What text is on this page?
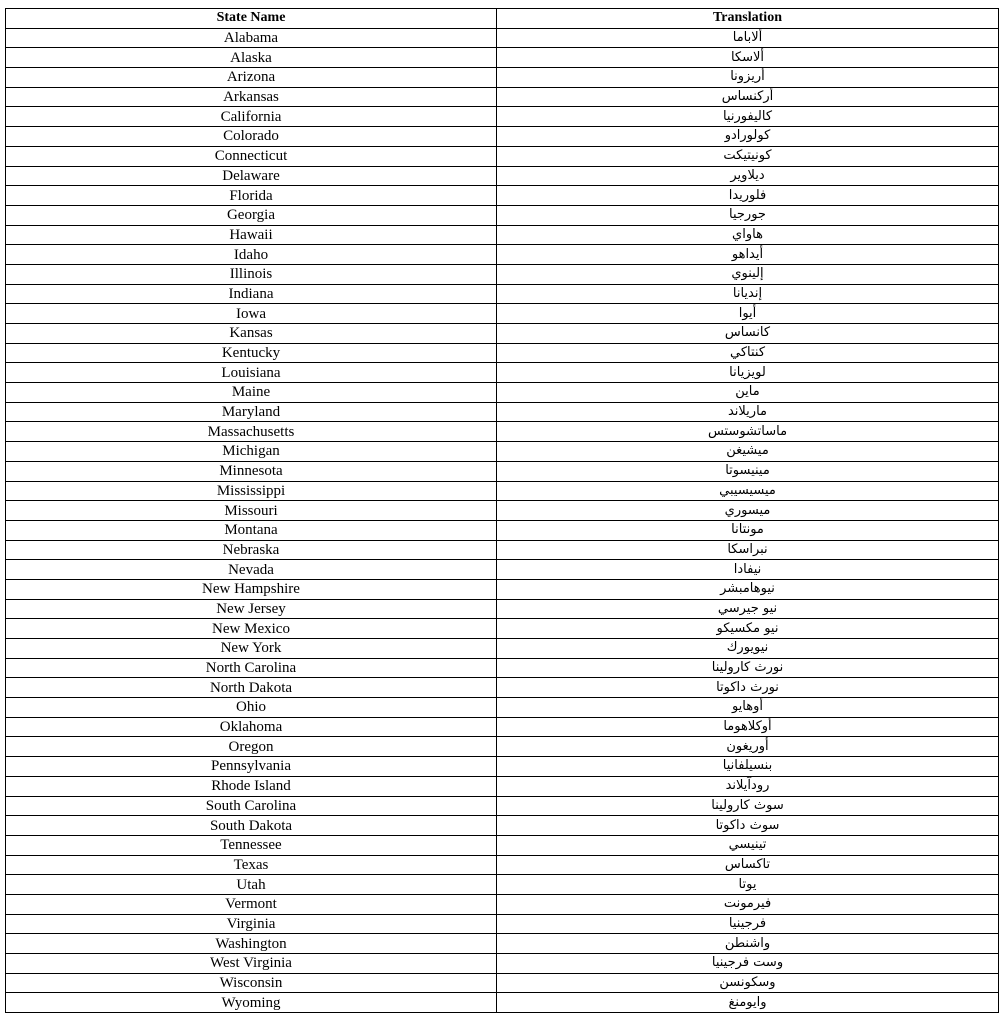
State Name	Translation
Alabama	ألاباما
Alaska	ألاسكا
Arizona	أريزونا
Arkansas	أركنساس
California	كاليفورنيا
Colorado	كولورادو
Connecticut	كونيتيكت
Delaware	ديلاوير
Florida	فلوريدا
Georgia	جورجيا
Hawaii	هاواي
Idaho	أيداهو
Illinois	إلينوي
Indiana	إنديانا
Iowa	أيوا
Kansas	كانساس
Kentucky	كنتاكي
Louisiana	لويزيانا
Maine	ماين
Maryland	ماريلاند
Massachusetts	ماساتشوستس
Michigan	ميشيغن
Minnesota	مينيسوتا
Mississippi	ميسيسيبي
Missouri	ميسوري
Montana	مونتانا
Nebraska	نبراسكا
Nevada	نيفادا
New Hampshire	نيوهامبشر
New Jersey	نيو جيرسي
New Mexico	نيو مكسيكو
New York	نيويورك
North Carolina	نورث كارولينا
North Dakota	نورث داكوتا
Ohio	أوهايو
Oklahoma	أوكلاهوما
Oregon	أوريغون
Pennsylvania	بنسيلفانيا
Rhode Island	رودآيلاند
South Carolina	سوث كارولينا
South Dakota	سوث داكوتا
Tennessee	تينيسي
Texas	تاكساس
Utah	يوتا
Vermont	فيرمونت
Virginia	فرجينيا
Washington	واشنطن
West Virginia	وست فرجينيا
Wisconsin	وسكونسن
Wyoming	وايومنغ
